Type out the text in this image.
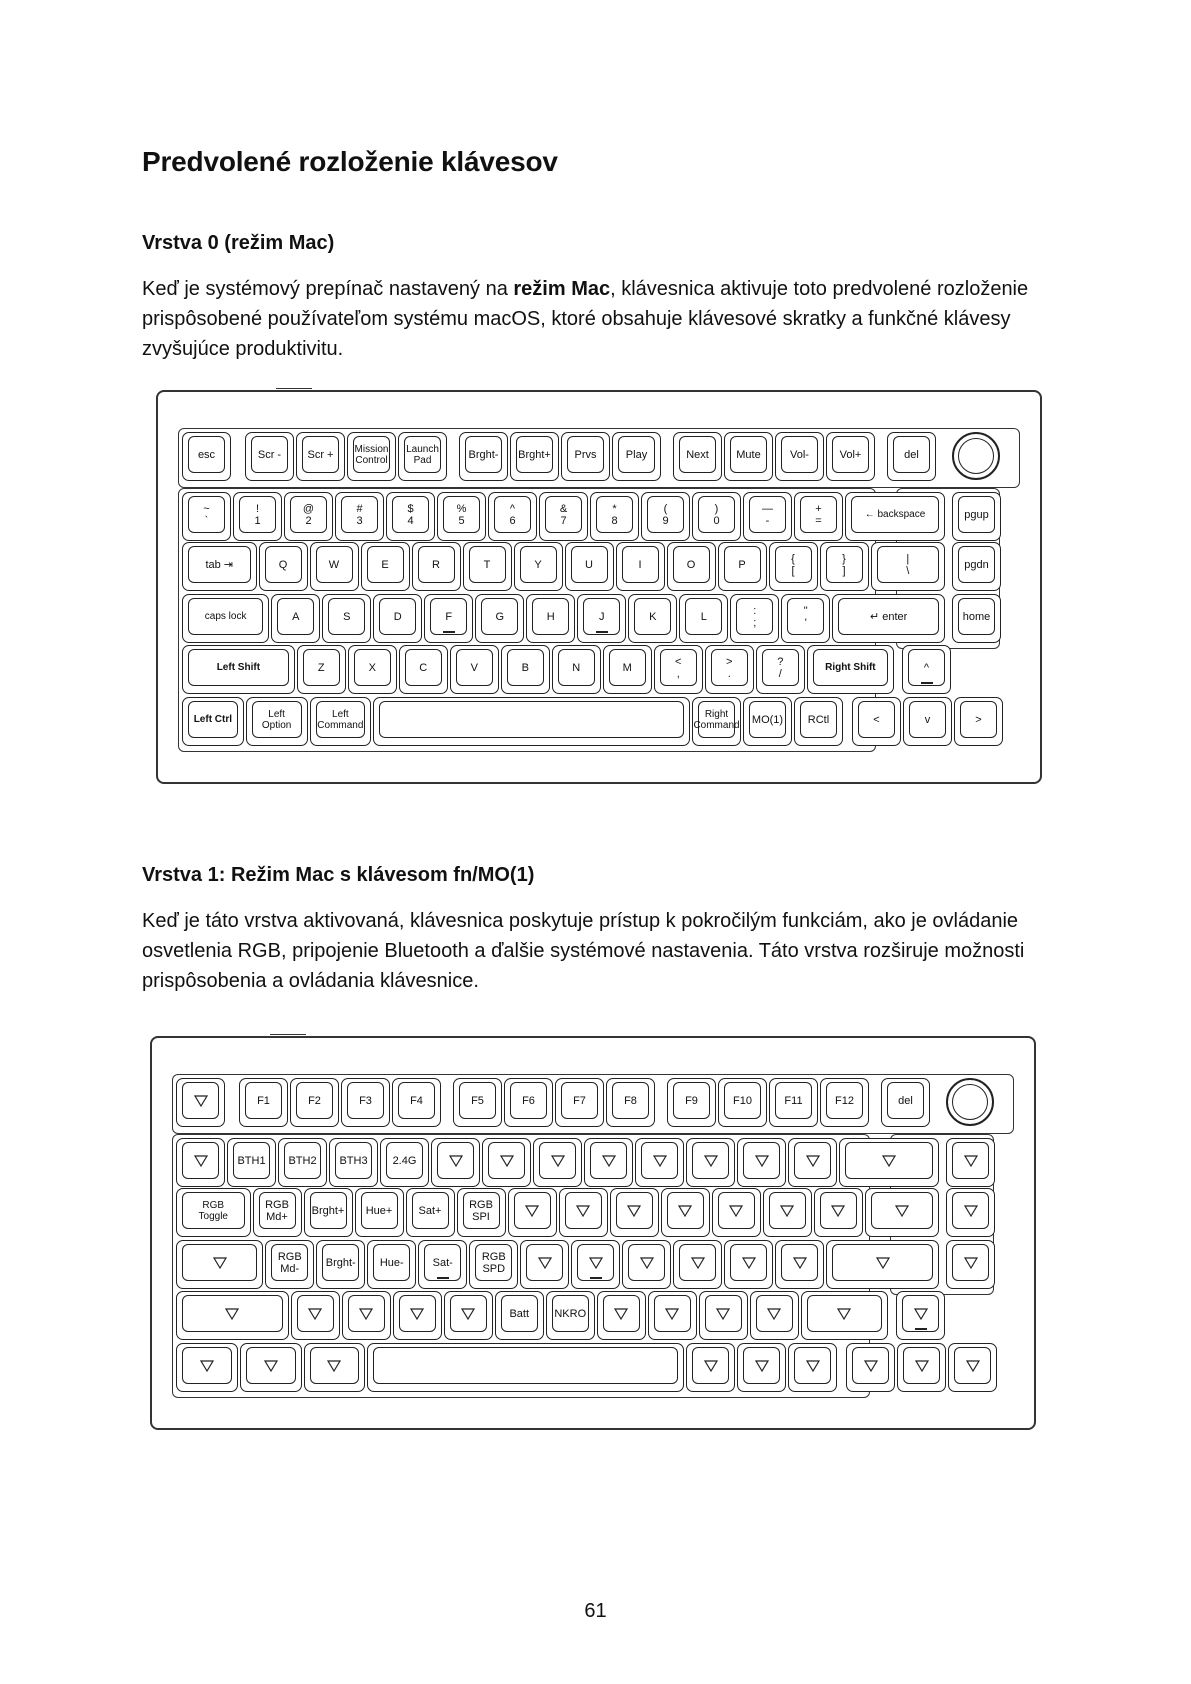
Predvolené rozloženie klávesov
Vrstva 0 (režim Mac)
Keď je systémový prepínač nastavený na režim Mac, klávesnica aktivuje toto predvolené rozloženie
prispôsobené používateľom systému macOS, ktoré obsahuje klávesové skratky a funkčné klávesy
zvyšujúce produktivitu.
esc	Scr - Scr + Mission
Control
Launch
Pad	Brght- Brght+ Prvs	Play	Next Mute	Vol-	Vol+	del
~
`
!
1
@
2
#
3
$
4
%
5
^
6
&
7
*
8
(
9
)
0
—
-
+
=	← backspace	pgup
tab ⇥	Q	W	E	R	T	Y	U	I	O	P	{
[
}
]
|
\	pgdn
caps lock	A	S	D	F	G	H	J	K	L	:
;
"
'	↵ enter	home
Left Shift	Z	X	C	V	B	N	M	<
,
>
.
?
/	Right Shift	^
Left Ctrl	Left
Option
Left
Command
Right
Command MO(1) RCtl	<	v	>
Vrstva 1: Režim Mac s klávesom fn/MO(1)
Keď je táto vrstva aktivovaná, klávesnica poskytuje prístup k pokročilým funkciám, ako je ovládanie
osvetlenia RGB, pripojenie Bluetooth a ďalšie systémové nastavenia. Táto vrstva rozširuje možnosti
prispôsobenia a ovládania klávesnice.
F1	F2	F3	F4	F5	F6	F7	F8	F9	F10	F11	F12	del
BTH1 BTH2 BTH3 2.4G
RGB
Toggle
RGB
Md+ Brght+ Hue+ Sat+	RGB
SPI
RGB
Md- Brght- Hue-	Sat-	RGB
SPD
Batt NKRO
61
